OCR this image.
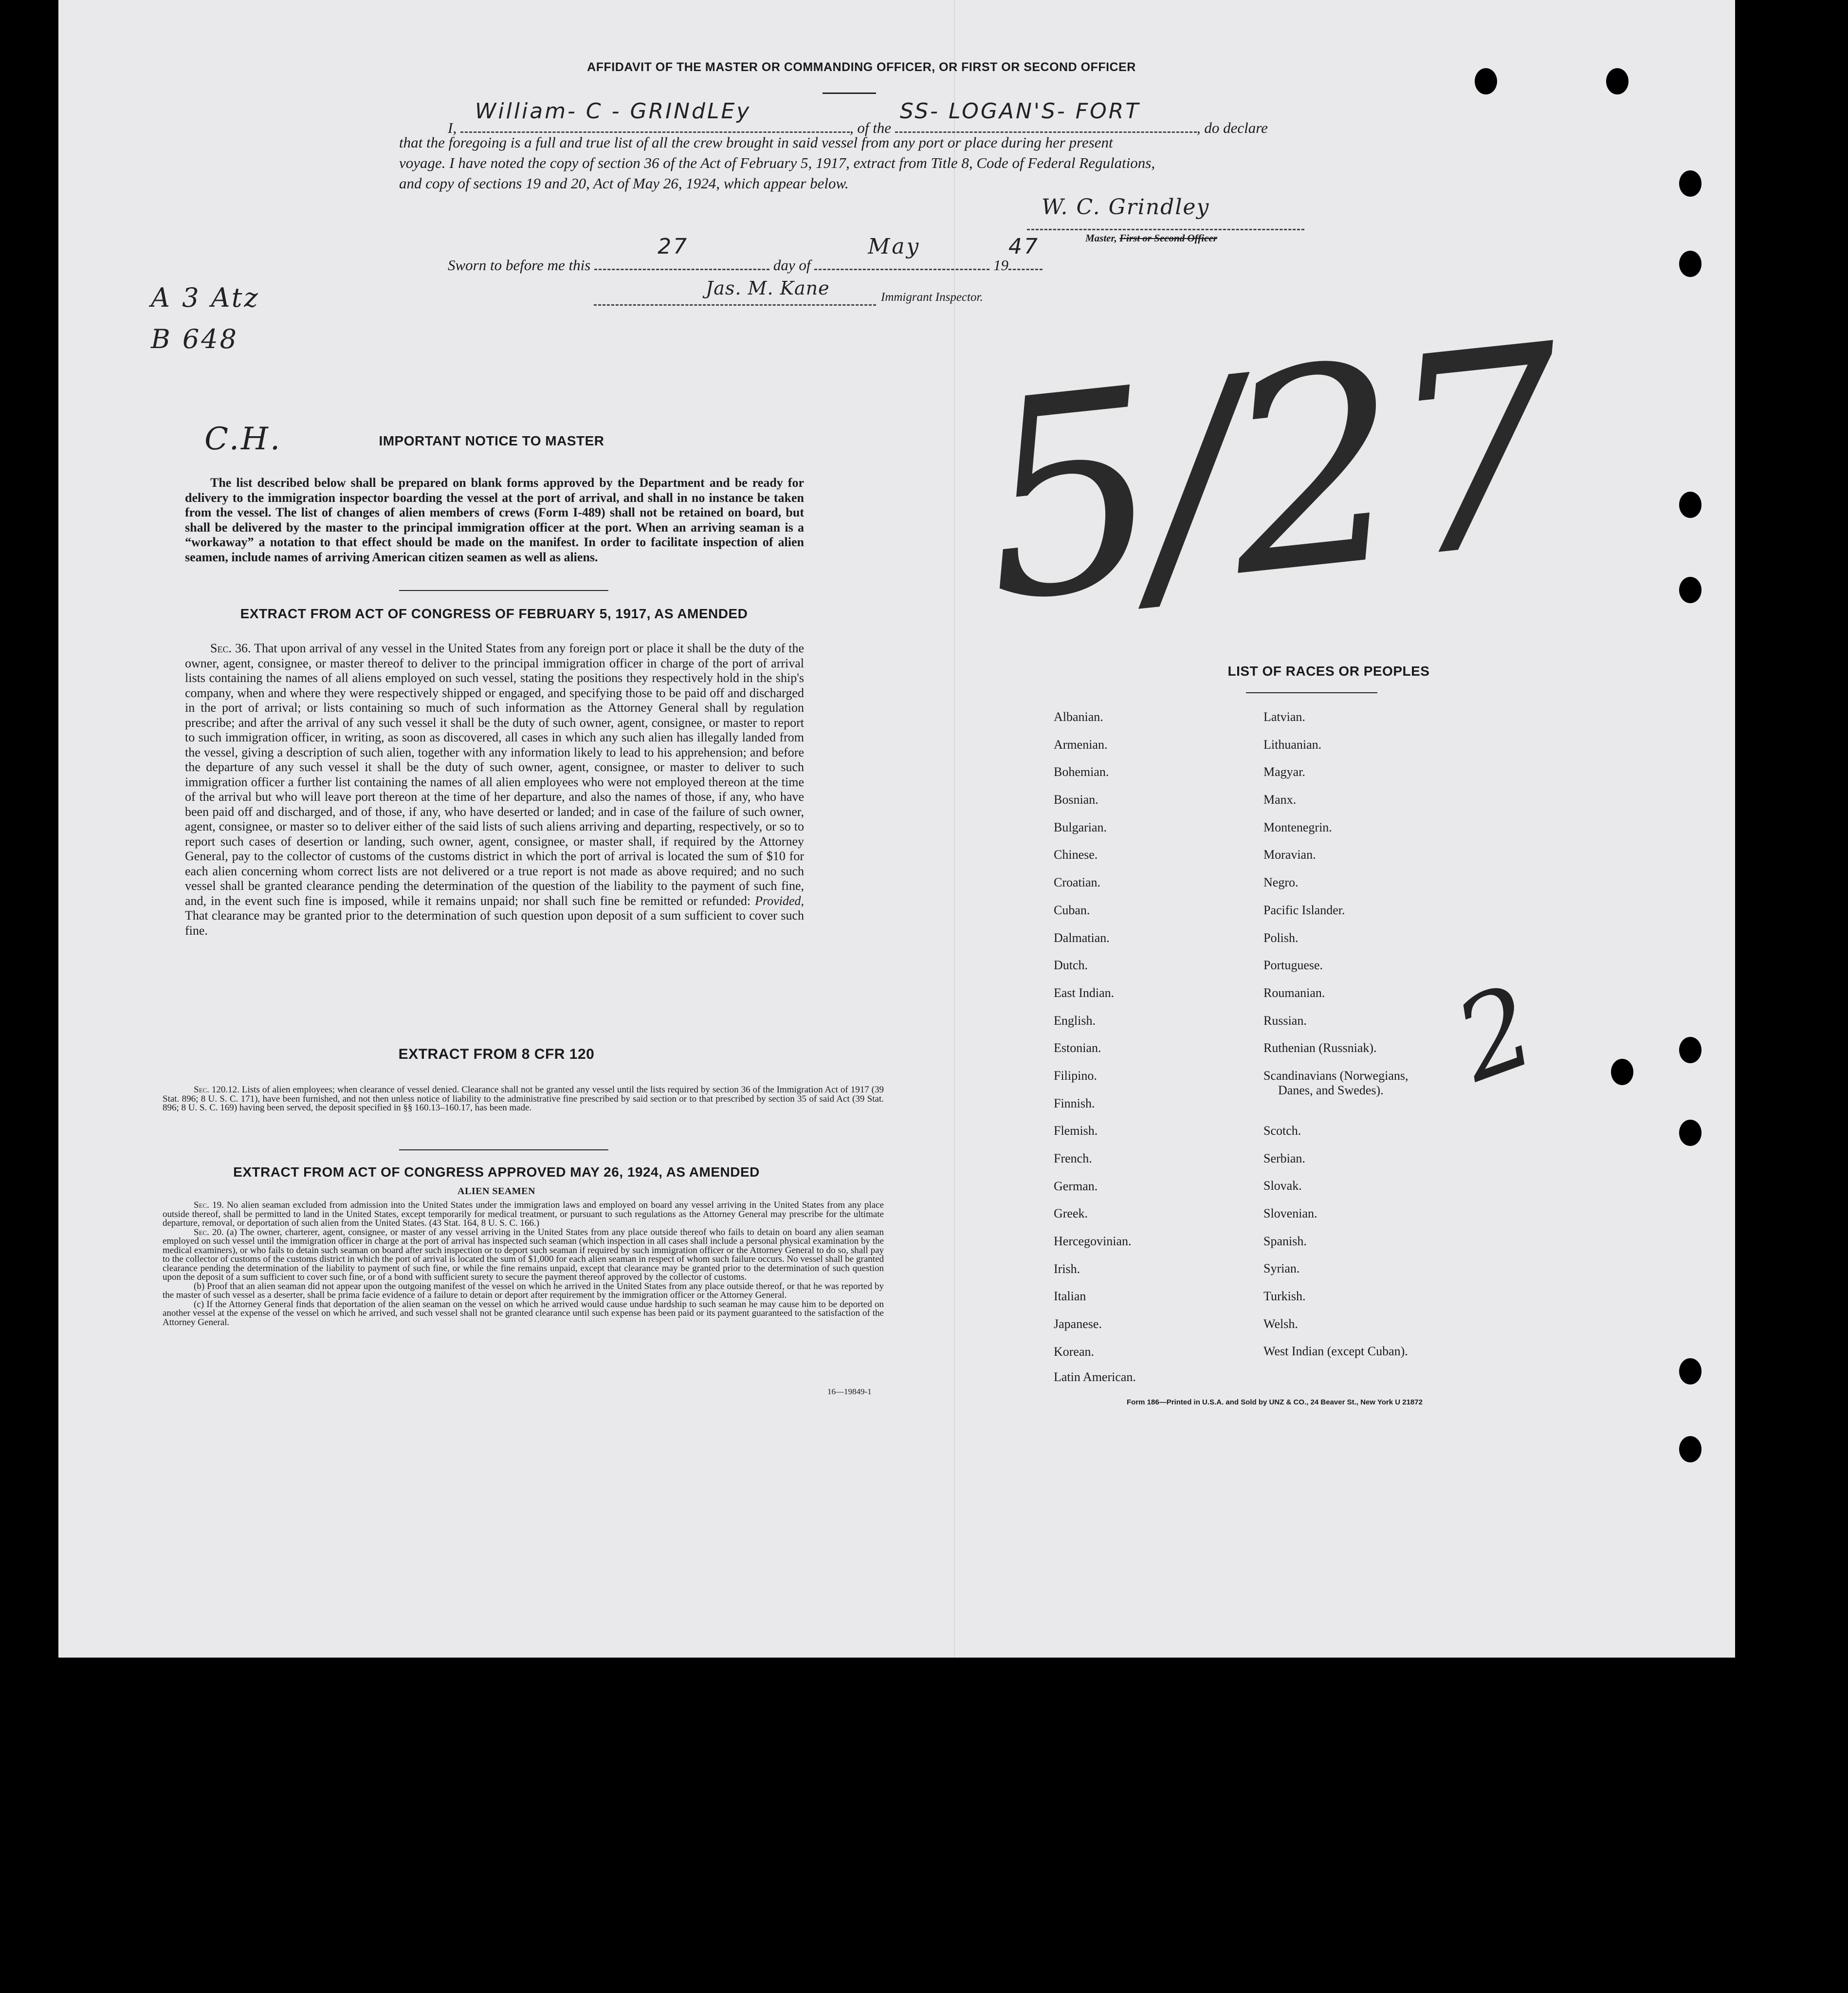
AFFIDAVIT OF THE MASTER OR COMMANDING OFFICER, OR FIRST OR SECOND OFFICER
I,
William- C - GRINdLEy
, of the
SS- LOGAN'S- FORT
, do declare
that the foregoing is a full and true list of all the crew brought in said vessel from any port or place during her present
voyage. I have noted the copy of section 36 of the Act of February 5, 1917, extract from Title 8, Code of Federal Regulations,
and copy of sections 19 and 20, Act of May 26, 1924, which appear below.
W. C. Grindley
Master, First or Second Officer
Sworn to before me this
27
day of
May
19
47
Jas. M. Kane	Immigrant Inspector.
A 3 Atz
B 648
C.H.	5/27
IMPORTANT NOTICE TO MASTER
The list described below shall be prepared on blank forms approved by the Department and be ready for delivery to the immigration inspector boarding the vessel at the port of arrival, and shall in no instance be taken from the vessel. The list of changes of alien members of crews (Form I-489) shall not be retained on board, but shall be delivered by the master to the principal immigration officer at the port. When an arriving seaman is a “workaway” a notation to that effect should be made on the manifest. In order to facilitate inspection of alien seamen, include names of arriving American citizen seamen as well as aliens.
EXTRACT FROM ACT OF CONGRESS OF FEBRUARY 5, 1917, AS AMENDED
Sec. 36. That upon arrival of any vessel in the United States from any foreign port or place it shall be the duty of the owner, agent, consignee, or master thereof to deliver to the principal immigration officer in charge of the port of arrival lists containing the names of all aliens employed on such vessel, stating the positions they respectively hold in the ship's company, when and where they were respectively shipped or engaged, and specifying those to be paid off and discharged in the port of arrival; or lists containing so much of such information as the Attorney General shall by regulation prescribe; and after the arrival of any such vessel it shall be the duty of such owner, agent, consignee, or master to report to such immigration officer, in writing, as soon as discovered, all cases in which any such alien has illegally landed from the vessel, giving a description of such alien, together with any information likely to lead to his apprehension; and before the departure of any such vessel it shall be the duty of such owner, agent, consignee, or master to deliver to such immigration officer a further list containing the names of all alien employees who were not employed thereon at the time of the arrival but who will leave port thereon at the time of her departure, and also the names of those, if any, who have been paid off and discharged, and of those, if any, who have deserted or landed; and in case of the failure of such owner, agent, consignee, or master so to deliver either of the said lists of such aliens arriving and departing, respectively, or so to report such cases of desertion or landing, such owner, agent, consignee, or master shall, if required by the Attorney General, pay to the collector of customs of the customs district in which the port of arrival is located the sum of $10 for each alien concerning whom correct lists are not delivered or a true report is not made as above required; and no such vessel shall be granted clearance pending the determination of the question of the liability to the payment of such fine, and, in the event such fine is imposed, while it remains unpaid; nor shall such fine be remitted or refunded: Provided, That clearance may be granted prior to the determination of such question upon deposit of a sum sufficient to cover such fine.
EXTRACT FROM 8 CFR 120
Sec. 120.12. Lists of alien employees; when clearance of vessel denied. Clearance shall not be granted any vessel until the lists required by section 36 of the Immigration Act of 1917 (39 Stat. 896; 8 U. S. C. 171), have been furnished, and not then unless notice of liability to the administrative fine prescribed by said section or to that prescribed by section 35 of said Act (39 Stat. 896; 8 U. S. C. 169) having been served, the deposit specified in §§ 160.13–160.17, has been made.
EXTRACT FROM ACT OF CONGRESS APPROVED MAY 26, 1924, AS AMENDED
ALIEN SEAMEN
Sec. 19. No alien seaman excluded from admission into the United States under the immigration laws and employed on board any vessel arriving in the United States from any place outside thereof, shall be permitted to land in the United States, except temporarily for medical treatment, or pursuant to such regulations as the Attorney General may prescribe for the ultimate departure, removal, or deportation of such alien from the United States. (43 Stat. 164, 8 U. S. C. 166.)
Sec. 20. (a) The owner, charterer, agent, consignee, or master of any vessel arriving in the United States from any place outside thereof who fails to detain on board any alien seaman employed on such vessel until the immigration officer in charge at the port of arrival has inspected such seaman (which inspection in all cases shall include a personal physical examination by the medical examiners), or who fails to detain such seaman on board after such inspection or to deport such seaman if required by such immigration officer or the Attorney General to do so, shall pay to the collector of customs of the customs district in which the port of arrival is located the sum of $1,000 for each alien seaman in respect of whom such failure occurs. No vessel shall be granted clearance pending the determination of the liability to payment of such fine, or while the fine remains unpaid, except that clearance may be granted prior to the determination of such question upon the deposit of a sum sufficient to cover such fine, or of a bond with sufficient surety to secure the payment thereof approved by the collector of customs.
(b) Proof that an alien seaman did not appear upon the outgoing manifest of the vessel on which he arrived in the United States from any place outside thereof, or that he was reported by the master of such vessel as a deserter, shall be prima facie evidence of a failure to detain or deport after requirement by the immigration officer or the Attorney General.
(c) If the Attorney General finds that deportation of the alien seaman on the vessel on which he arrived would cause undue hardship to such seaman he may cause him to be deported on another vessel at the expense of the vessel on which he arrived, and such vessel shall not be granted clearance until such expense has been paid or its payment guaranteed to the satisfaction of the Attorney General.
16—19849-1
LIST OF RACES OR PEOPLES
Albanian.
Armenian.
Bohemian.
Bosnian.
Bulgarian.
Chinese.
Croatian.
Cuban.
Dalmatian.
Dutch.
East Indian.
English.
Estonian.
Filipino.
Finnish.
Flemish.
French.
German.
Greek.
Hercegovinian.
Irish.
Italian
Japanese.
Korean.
Latin American.
Latvian.
Lithuanian.
Magyar.
Manx.
Montenegrin.
Moravian.
Negro.
Pacific Islander.
Polish.
Portuguese.
Roumanian.
Russian.
Ruthenian (Russniak).
Scandinavians (Norwegians,
Danes, and Swedes).
Scotch.
Serbian.
Slovak.
Slovenian.
Spanish.
Syrian.
Turkish.
Welsh.
West Indian (except Cuban).
2
Form 186—Printed in U.S.A. and Sold by UNZ & CO., 24 Beaver St., New York U 21872
